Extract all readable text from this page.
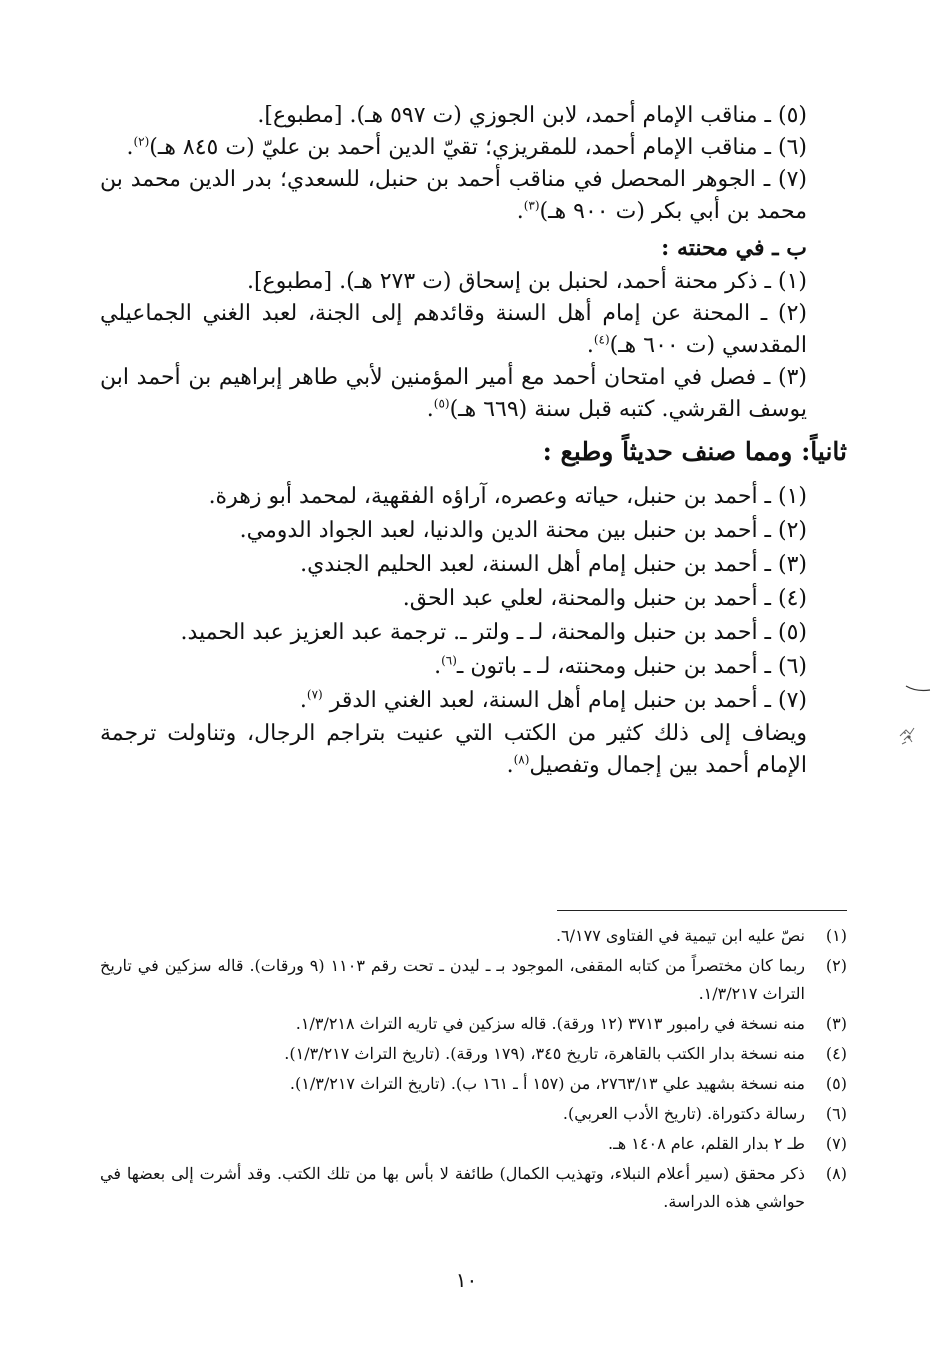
(٥) ـ مناقب الإمام أحمد، لابن الجوزي (ت ٥٩٧ هـ). [مطبوع].

(٦) ـ مناقب الإمام أحمد، للمقريزي؛ تقيّ الدين أحمد بن عليّ (ت ٨٤٥ هـ)$^{(٢)}$.

(٧) ـ الجوهر المحصل في مناقب أحمد بن حنبل، للسعدي؛ بدر الدين محمد بن محمد بن أبي بكر (ت ٩٠٠ هـ)$^{(٣)}$.

ب ـ في محنته :

(١) ـ ذكر محنة أحمد، لحنبل بن إسحاق (ت ٢٧٣ هـ). [مطبوع].

(٢) ـ المحنة عن إمام أهل السنة وقائدهم إلى الجنة، لعبد الغني الجماعيلي المقدسي (ت ٦٠٠ هـ)$^{(٤)}$.

(٣) ـ فصل في امتحان أحمد مع أمير المؤمنين لأبي طاهر إبراهيم بن أحمد ابن يوسف القرشي. كتبه قبل سنة (٦٦٩ هـ)$^{(٥)}$.

ثانياً: ومما صنف حديثاً وطبع :

(١) ـ أحمد بن حنبل، حياته وعصره، آراؤه الفقهية، لمحمد أبو زهرة.
(٢) ـ أحمد بن حنبل بين محنة الدين والدنيا، لعبد الجواد الدومي.
(٣) ـ أحمد بن حنبل إمام أهل السنة، لعبد الحليم الجندي.
(٤) ـ أحمد بن حنبل والمحنة، لعلي عبد الحق.
(٥) ـ أحمد بن حنبل والمحنة، لـ ـ ولتر ـ. ترجمة عبد العزيز عبد الحميد.
(٦) ـ أحمد بن حنبل ومحنته، لـ ـ باتون ـ$^{(٦)}$.
(٧) ـ أحمد بن حنبل إمام أهل السنة، لعبد الغني الدقر $^{(٧)}$.

ويضاف إلى ذلك كثير من الكتب التي عنيت بتراجم الرجال، وتناولت ترجمة الإمام أحمد بين إجمال وتفصيل$^{(٨)}$.

(١)
نصّ عليه ابن تيمية في الفتاوى ٦/١٧٧.
(٢)
ربما كان مختصراً من كتابه المقفى، الموجود بـ ـ ليدن ـ تحت رقم ١١٠٣ (٩ ورقات). قاله سزكين في تاريخ التراث ١/٣/٢١٧.
(٣)
منه نسخة في رامبور ٣٧١٣ (١٢ ورقة). قاله سزكين في تاريه التراث ١/٣/٢١٨.
(٤)
منه نسخة بدار الكتب بالقاهرة، تاريخ ٣٤٥، (١٧٩ ورقة). (تاريخ التراث ١/٣/٢١٧).
(٥)
منه نسخة بشهيد علي ٢٧٦٣/١٣، من (١٥٧ أ ـ ١٦١ ب). (تاريخ التراث ١/٣/٢١٧).
(٦)
رسالة دكتوراة. (تاريخ الأدب العربي).
(٧)
طـ ٢ بدار القلم، عام ١٤٠٨ هـ.
(٨)
ذكر محقق (سير أعلام النبلاء، وتهذيب الكمال) طائفة لا بأس بها من تلك الكتب. وقد أشرت إلى بعضها في حواشي هذه الدراسة.
١٠
